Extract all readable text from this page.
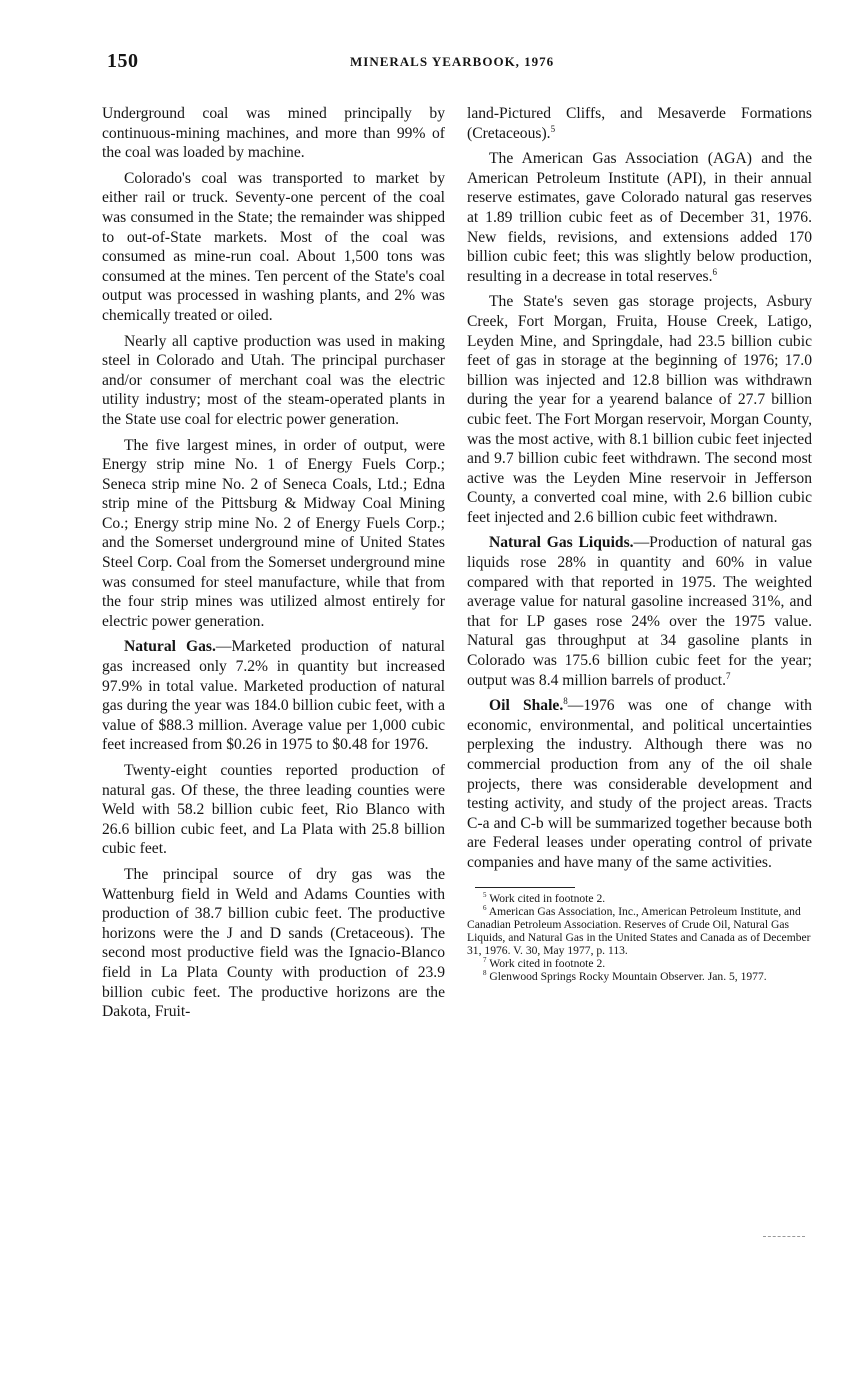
150	MINERALS YEARBOOK, 1976

Underground coal was mined principally by continuous-mining machines, and more than 99% of the coal was loaded by machine.

Colorado's coal was transported to market by either rail or truck. Seventy-one percent of the coal was consumed in the State; the remainder was shipped to out-of-State markets. Most of the coal was consumed as mine-run coal. About 1,500 tons was consumed at the mines. Ten percent of the State's coal output was processed in washing plants, and 2% was chemically treated or oiled.

Nearly all captive production was used in making steel in Colorado and Utah. The principal purchaser and/or consumer of merchant coal was the electric utility industry; most of the steam-operated plants in the State use coal for electric power generation.

The five largest mines, in order of output, were Energy strip mine No. 1 of Energy Fuels Corp.; Seneca strip mine No. 2 of Seneca Coals, Ltd.; Edna strip mine of the Pittsburg & Midway Coal Mining Co.; Energy strip mine No. 2 of Energy Fuels Corp.; and the Somerset underground mine of United States Steel Corp. Coal from the Somerset underground mine was consumed for steel manufacture, while that from the four strip mines was utilized almost entirely for electric power generation.

Natural Gas.—Marketed production of natural gas increased only 7.2% in quantity but increased 97.9% in total value. Marketed production of natural gas during the year was 184.0 billion cubic feet, with a value of $88.3 million. Average value per 1,000 cubic feet increased from $0.26 in 1975 to $0.48 for 1976.

Twenty-eight counties reported production of natural gas. Of these, the three leading counties were Weld with 58.2 billion cubic feet, Rio Blanco with 26.6 billion cubic feet, and La Plata with 25.8 billion cubic feet.

The principal source of dry gas was the Wattenburg field in Weld and Adams Counties with production of 38.7 billion cubic feet. The productive horizons were the J and D sands (Cretaceous). The second most productive field was the Ignacio-Blanco field in La Plata County with production of 23.9 billion cubic feet. The productive horizons are the Dakota, Fruit-

land-Pictured Cliffs, and Mesaverde Formations (Cretaceous).$^5$

The American Gas Association (AGA) and the American Petroleum Institute (API), in their annual reserve estimates, gave Colorado natural gas reserves at 1.89 trillion cubic feet as of December 31, 1976. New fields, revisions, and extensions added 170 billion cubic feet; this was slightly below production, resulting in a decrease in total reserves.$^6$

The State's seven gas storage projects, Asbury Creek, Fort Morgan, Fruita, House Creek, Latigo, Leyden Mine, and Springdale, had 23.5 billion cubic feet of gas in storage at the beginning of 1976; 17.0 billion was injected and 12.8 billion was withdrawn during the year for a yearend balance of 27.7 billion cubic feet. The Fort Morgan reservoir, Morgan County, was the most active, with 8.1 billion cubic feet injected and 9.7 billion cubic feet withdrawn. The second most active was the Leyden Mine reservoir in Jefferson County, a converted coal mine, with 2.6 billion cubic feet injected and 2.6 billion cubic feet withdrawn.

Natural Gas Liquids.—Production of natural gas liquids rose 28% in quantity and 60% in value compared with that reported in 1975. The weighted average value for natural gasoline increased 31%, and that for LP gases rose 24% over the 1975 value. Natural gas throughput at 34 gasoline plants in Colorado was 175.6 billion cubic feet for the year; output was 8.4 million barrels of product.$^7$

Oil Shale.$^8$—1976 was one of change with economic, environmental, and political uncertainties perplexing the industry. Although there was no commercial production from any of the oil shale projects, there was considerable development and testing activity, and study of the project areas. Tracts C-a and C-b will be summarized together because both are Federal leases under operating control of private companies and have many of the same activities.

$^5$ Work cited in footnote 2.

$^6$ American Gas Association, Inc., American Petroleum Institute, and Canadian Petroleum Association. Reserves of Crude Oil, Natural Gas Liquids, and Natural Gas in the United States and Canada as of December 31, 1976. V. 30, May 1977, p. 113.

$^7$ Work cited in footnote 2.

$^8$ Glenwood Springs Rocky Mountain Observer. Jan. 5, 1977.
